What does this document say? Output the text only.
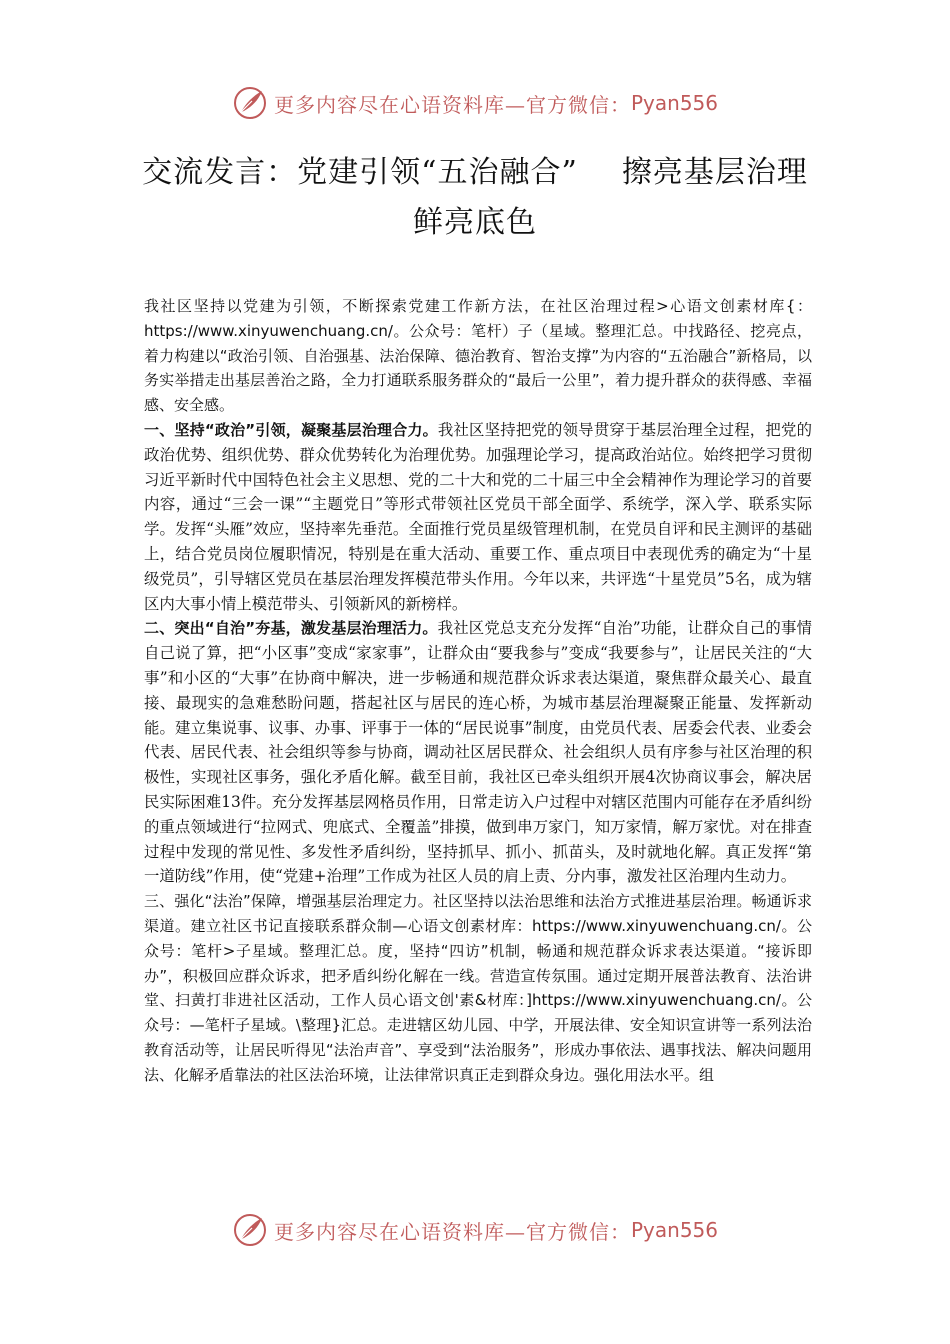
更多内容尽在心语资料库—官方微信： Pyan556
交流发言：党建引领“五治融合” 擦亮基层治理鲜亮底色

我社区坚持以党建为引领，不断探索党建工作新方法，在社区治理过程>心语文创素材库{：https://www.xinyuwenchuang.cn/。公众号：笔杆）子（星域。整理汇总。中找路径、挖亮点，着力构建以“政治引领、自治强基、法治保障、德治教育、智治支撑”为内容的“五治融合”新格局，以务实举措走出基层善治之路，全力打通联系服务群众的“最后一公里”，着力提升群众的获得感、幸福感、安全感。

一、坚持“政治”引领，凝聚基层治理合力。我社区坚持把党的领导贯穿于基层治理全过程，把党的政治优势、组织优势、群众优势转化为治理优势。加强理论学习，提高政治站位。始终把学习贯彻习近平新时代中国特色社会主义思想、党的二十大和党的二十届三中全会精神作为理论学习的首要内容，通过“三会一课”“主题党日”等形式带领社区党员干部全面学、系统学，深入学、联系实际学。发挥“头雁”效应，坚持率先垂范。全面推行党员星级管理机制，在党员自评和民主测评的基础上，结合党员岗位履职情况，特别是在重大活动、重要工作、重点项目中表现优秀的确定为“十星级党员”，引导辖区党员在基层治理发挥模范带头作用。今年以来，共评选“十星党员”5名，成为辖区内大事小情上模范带头、引领新风的新榜样。

二、突出“自治”夯基，激发基层治理活力。我社区党总支充分发挥“自治”功能，让群众自己的事情自己说了算，把“小区事”变成“家家事”，让群众由“要我参与”变成“我要参与”，让居民关注的“大事”和小区的“大事”在协商中解决，进一步畅通和规范群众诉求表达渠道，聚焦群众最关心、最直接、最现实的急难愁盼问题，搭起社区与居民的连心桥，为城市基层治理凝聚正能量、发挥新动能。建立集说事、议事、办事、评事于一体的“居民说事”制度，由党员代表、居委会代表、业委会代表、居民代表、社会组织等参与协商，调动社区居民群众、社会组织人员有序参与社区治理的积极性，实现社区事务，强化矛盾化解。截至目前，我社区已牵头组织开展4次协商议事会，解决居民实际困难13件。充分发挥基层网格员作用，日常走访入户过程中对辖区范围内可能存在矛盾纠纷的重点领域进行“拉网式、兜底式、全覆盖”排摸，做到串万家门，知万家情，解万家忧。对在排查过程中发现的常见性、多发性矛盾纠纷，坚持抓早、抓小、抓苗头，及时就地化解。真正发挥“第一道防线”作用，使“党建+治理”工作成为社区人员的肩上责、分内事，激发社区治理内生动力。

三、强化“法治”保障，增强基层治理定力。社区坚持以法治思维和法治方式推进基层治理。畅通诉求渠道。建立社区书记直接联系群众制—心语文创素材库：https://www.xinyuwenchuang.cn/。公众号：笔杆>子星域。整理汇总。度，坚持“四访”机制，畅通和规范群众诉求表达渠道。“接诉即办”，积极回应群众诉求，把矛盾纠纷化解在一线。营造宣传氛围。通过定期开展普法教育、法治讲堂、扫黄打非进社区活动，工作人员心语文创'素&材库：]https://www.xinyuwenchuang.cn/。公众号：—笔杆子星域。\整理}汇总。走进辖区幼儿园、中学，开展法律、安全知识宣讲等一系列法治教育活动等，让居民听得见“法治声音”、享受到“法治服务”，形成办事依法、遇事找法、解决问题用法、化解矛盾靠法的社区法治环境，让法律常识真正走到群众身边。强化用法水平。组

更多内容尽在心语资料库—官方微信： Pyan556
